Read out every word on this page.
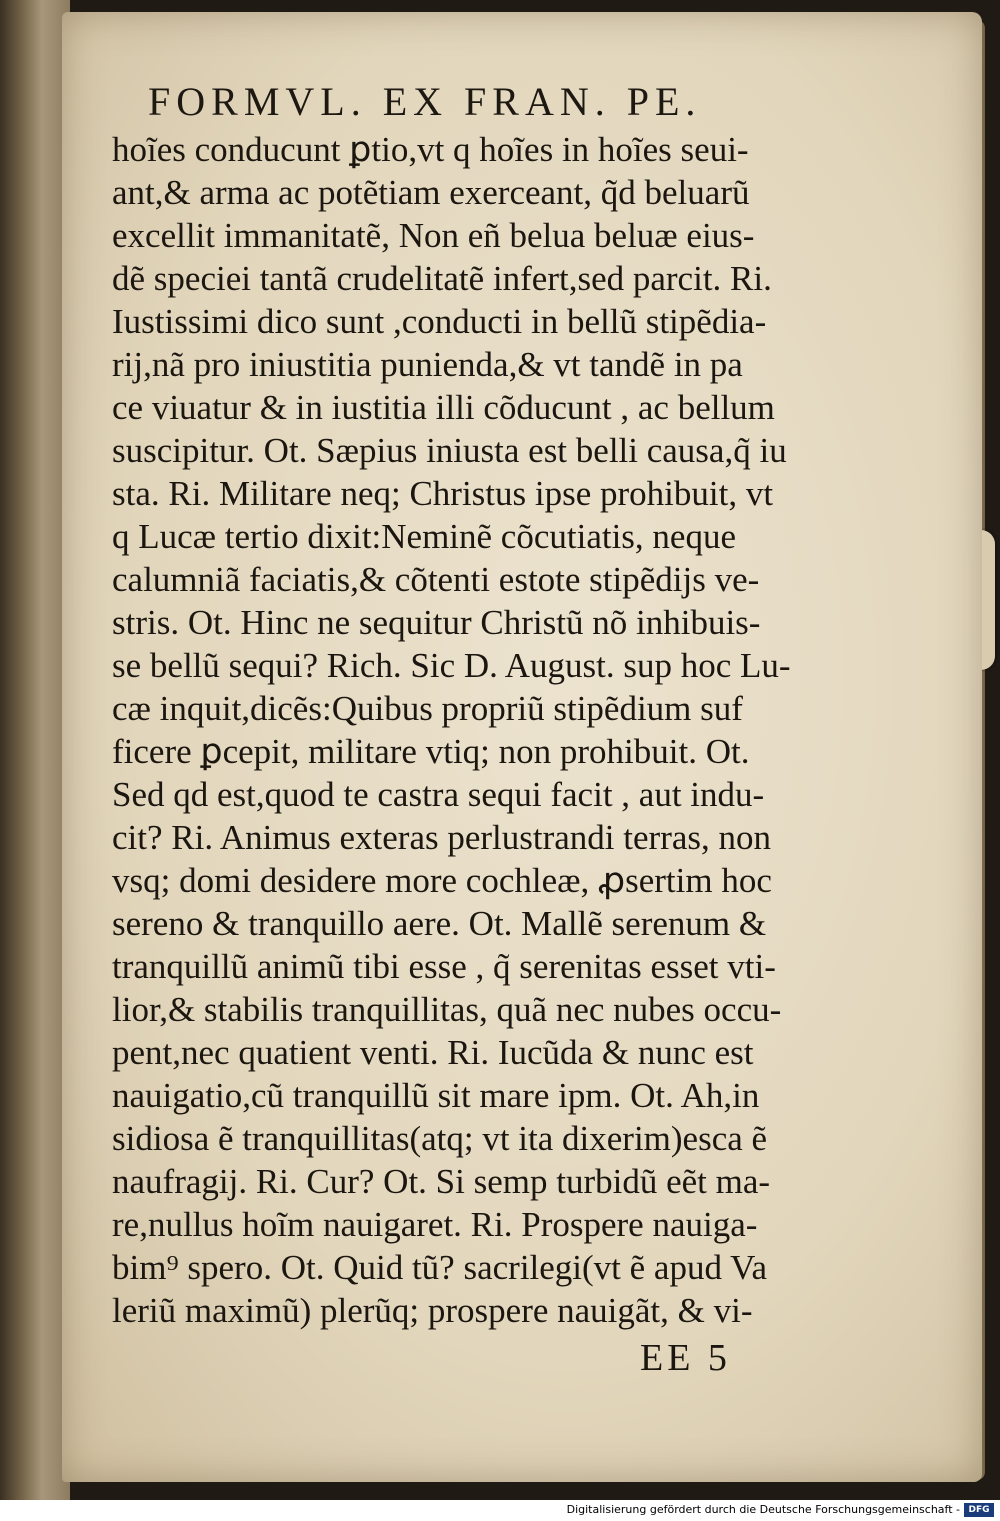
FORMVL. EX FRAN. PE.
hoĩes conducunt ꝑtio,vt q hoĩes in hoĩes seui-
ant,& arma ac potẽtiam exerceant, q̃d beluarũ
excellit immanitatẽ, Non eñ belua beluæ eius-
dẽ speciei tantã crudelitatẽ infert,sed parcit. Ri.
Iustissimi dico sunt ,conducti in bellũ stipẽdia-
rij,nã pro iniustitia punienda,& vt tandẽ in pa
ce viuatur & in iustitia illi cõducunt , ac bellum
suscipitur. Ot. Sæpius iniusta est belli causa,q̃ iu
sta. Ri. Militare neq; Christus ipse prohibuit, vt
q Lucæ tertio dixit:Neminẽ cõcutiatis, neque
calumniã faciatis,& cõtenti estote stipẽdijs ve-
stris. Ot. Hinc ne sequitur Christũ nõ inhibuis-
se bellũ sequi? Rich. Sic D. August. sup hoc Lu-
cæ inquit,dicẽs:Quibus propriũ stipẽdium suf
ficere ꝑcepit, militare vtiq; non prohibuit. Ot.
Sed qd est,quod te castra sequi facit , aut indu-
cit? Ri. Animus exteras perlustrandi terras, non
vsq; domi desidere more cochleæ, ꝓsertim hoc
sereno & tranquillo aere. Ot. Mallẽ serenum &
tranquillũ animũ tibi esse , q̃ serenitas esset vti-
lior,& stabilis tranquillitas, quã nec nubes occu-
pent,nec quatient venti. Ri. Iucũda & nunc est
nauigatio,cũ tranquillũ sit mare ipm. Ot. Ah,in
sidiosa ẽ tranquillitas(atq; vt ita dixerim)esca ẽ
naufragij. Ri. Cur? Ot. Si semp turbidũ eẽt ma-
re,nullus hoĩm nauigaret. Ri. Prospere nauiga-
bim⁹ spero. Ot. Quid tũ? sacrilegi(vt ẽ apud Va
leriũ maximũ) plerũq; prospere nauigãt, & vi-
EE 5
Digitalisierung gefördert durch die Deutsche Forschungsgemeinschaft - DFG
